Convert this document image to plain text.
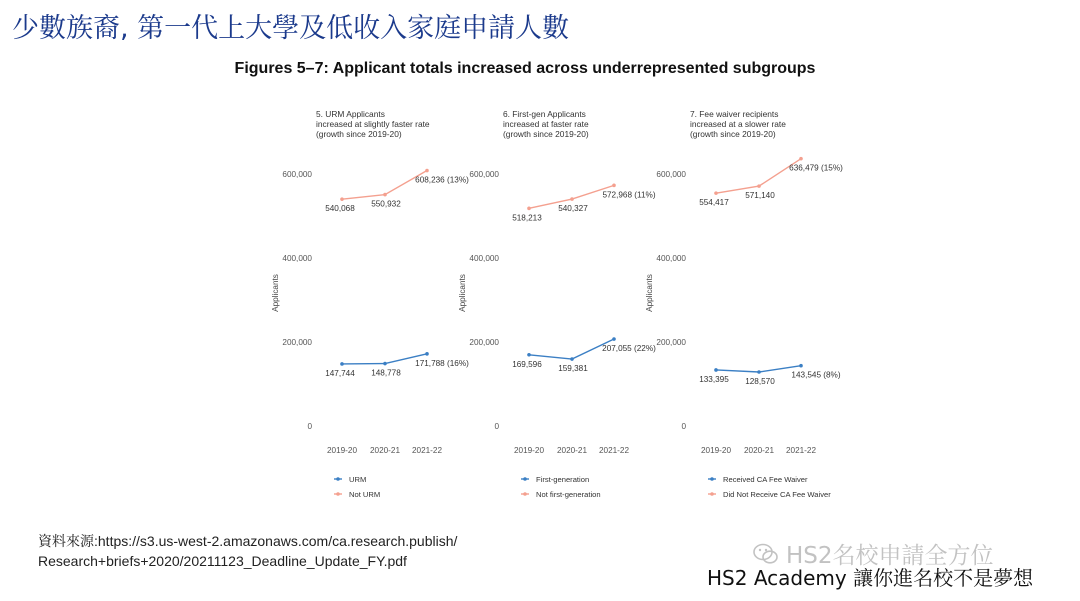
少數族裔, 第一代上大學及低收入家庭申請人數
Figures 5–7: Applicant totals increased across underrepresented subgroups
5. URM Applicants
increased at slightly faster rate
(growth since 2019-20)
0
200,000
400,000
600,000
Applicants
2019-20 2020-21 2021-22
540,068
550,932
608,236 (13%)
147,744 148,778
171,788 (16%)
URM
Not URM
6. First-gen Applicants
increased at faster rate
(growth since 2019-20)
0
200,000
400,000
600,000
Applicants
2019-20 2020-21 2021-22
518,213
540,327
572,968 (11%)
169,596 159,381
207,055 (22%)
First-generation
Not first-generation
7. Fee waiver recipients
increased at a slower rate
(growth since 2019-20)
0
200,000
400,000
600,000
Applicants
2019-20 2020-21 2021-22
554,417
571,140
636,479 (15%)
133,395 128,570
143,545 (8%)
Received CA Fee Waiver
Did Not Receive CA Fee Waiver
資料來源:https://s3.us-west-2.amazonaws.com/ca.research.publish/
Research+briefs+2020/20211123_Deadline_Update_FY.pdf	HS2名校申請全方位
HS2 Academy 讓你進名校不是夢想
